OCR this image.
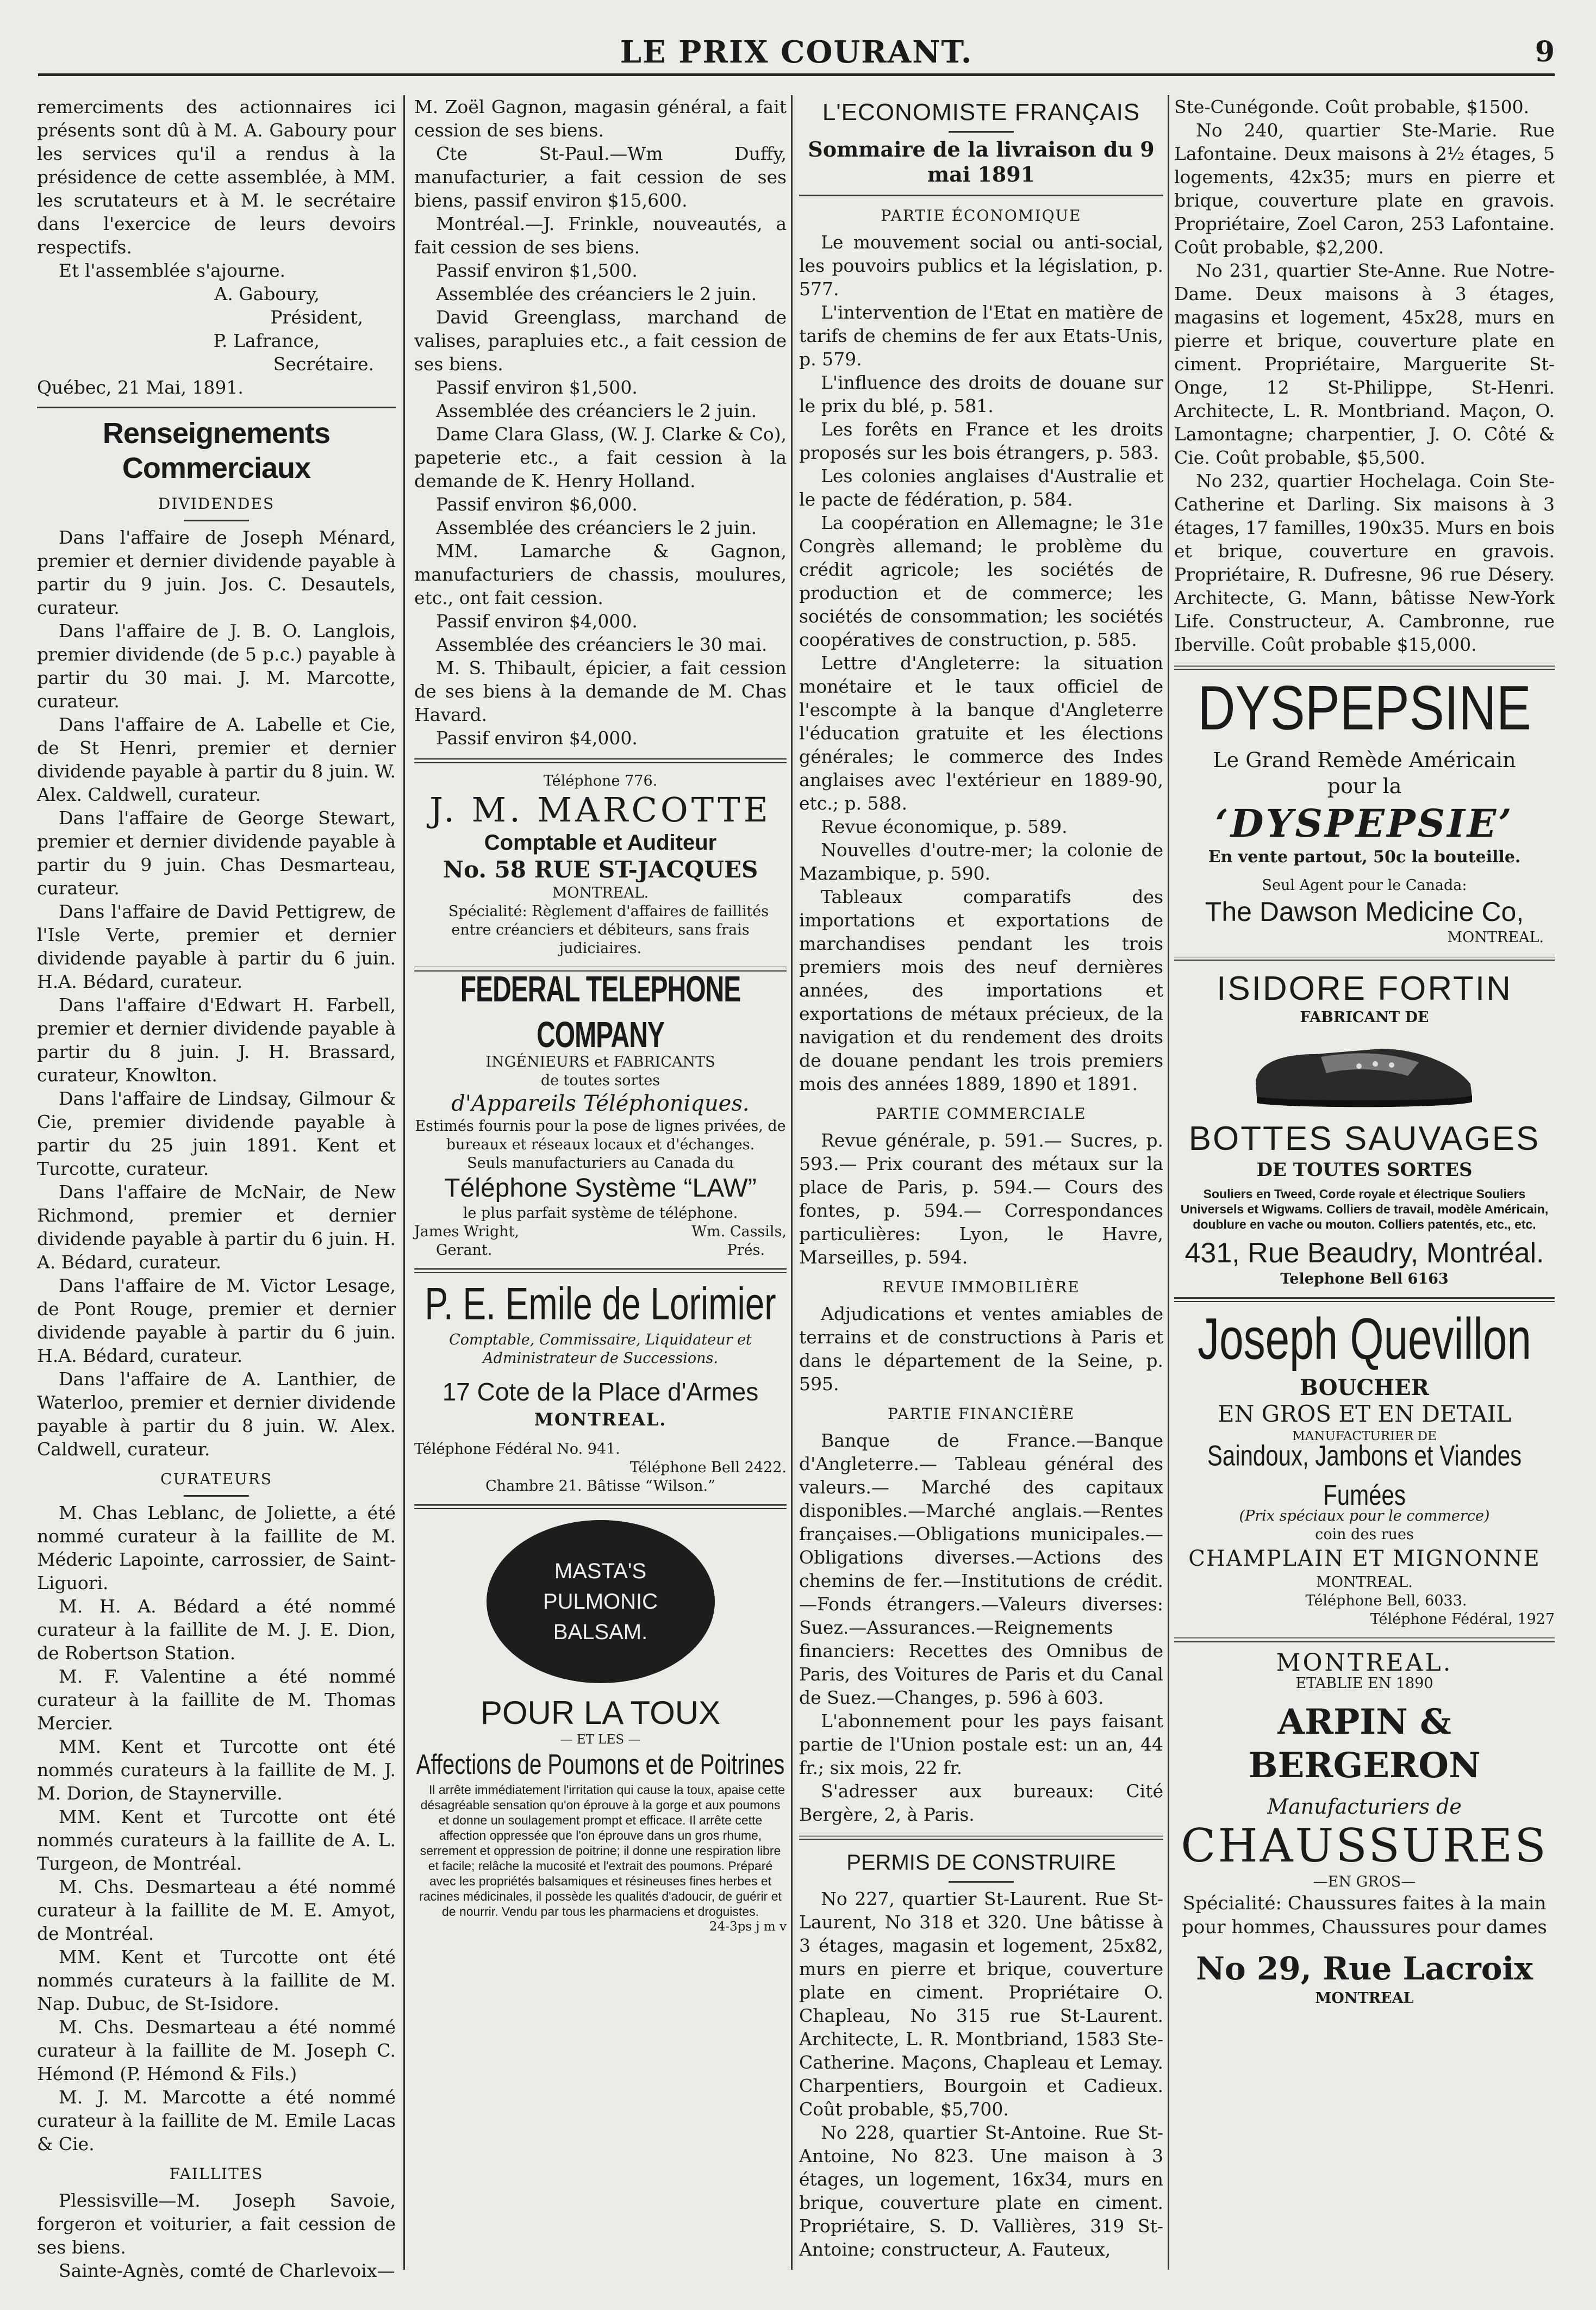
LE PRIX COURANT.	9

remerciments des actionnaires ici présents sont dû à M. A. Gaboury pour les services qu'il a rendus à la présidence de cette assemblée, à MM. les scrutateurs et à M. le secrétaire dans l'exercice de leurs devoirs respectifs.

Et l'assemblée s'ajourne.

A. Gaboury,

Président,

P. Lafrance,

Secrétaire.

Québec, 21 Mai, 1891.

Renseignements Commerciaux
DIVIDENDES

Dans l'affaire de Joseph Ménard, premier et dernier dividende payable à partir du 9 juin. Jos. C. Desautels, curateur.

Dans l'affaire de J. B. O. Langlois, premier dividende (de 5 p.c.) payable à partir du 30 mai. J. M. Marcotte, curateur.

Dans l'affaire de A. Labelle et Cie, de St Henri, premier et dernier dividende payable à partir du 8 juin. W. Alex. Caldwell, curateur.

Dans l'affaire de George Stewart, premier et dernier dividende payable à partir du 9 juin. Chas Desmarteau, curateur.

Dans l'affaire de David Pettigrew, de l'Isle Verte, premier et dernier dividende payable à partir du 6 juin. H.A. Bédard, curateur.

Dans l'affaire d'Edwart H. Farbell, premier et dernier dividende payable à partir du 8 juin. J. H. Brassard, curateur, Knowlton.

Dans l'affaire de Lindsay, Gilmour & Cie, premier dividende payable à partir du 25 juin 1891. Kent et Turcotte, curateur.

Dans l'affaire de McNair, de New Richmond, premier et dernier dividende payable à partir du 6 juin. H. A. Bédard, curateur.

Dans l'affaire de M. Victor Lesage, de Pont Rouge, premier et dernier dividende payable à partir du 6 juin. H.A. Bédard, curateur.

Dans l'affaire de A. Lanthier, de Waterloo, premier et dernier dividende payable à partir du 8 juin. W. Alex. Caldwell, curateur.

CURATEURS

M. Chas Leblanc, de Joliette, a été nommé curateur à la faillite de M. Méderic Lapointe, carrossier, de Saint-Liguori.

M. H. A. Bédard a été nommé curateur à la faillite de M. J. E. Dion, de Robertson Station.

M. F. Valentine a été nommé curateur à la faillite de M. Thomas Mercier.

MM. Kent et Turcotte ont été nommés curateurs à la faillite de M. J. M. Dorion, de Staynerville.

MM. Kent et Turcotte ont été nommés curateurs à la faillite de A. L. Turgeon, de Montréal.

M. Chs. Desmarteau a été nommé curateur à la faillite de M. E. Amyot, de Montréal.

MM. Kent et Turcotte ont été nommés curateurs à la faillite de M. Nap. Dubuc, de St-Isidore.

M. Chs. Desmarteau a été nommé curateur à la faillite de M. Joseph C. Hémond (P. Hémond & Fils.)

M. J. M. Marcotte a été nommé curateur à la faillite de M. Emile Lacas & Cie.

FAILLITES

Plessisville—M. Joseph Savoie, forgeron et voiturier, a fait cession de ses biens.

Sainte-Agnès, comté de Charlevoix—

M. Zoël Gagnon, magasin général, a fait cession de ses biens.

Cte St-Paul.—Wm Duffy, manufacturier, a fait cession de ses biens, passif environ $15,600.

Montréal.—J. Frinkle, nouveautés, a fait cession de ses biens.

Passif environ $1,500.

Assemblée des créanciers le 2 juin.

David Greenglass, marchand de valises, parapluies etc., a fait cession de ses biens.

Passif environ $1,500.

Assemblée des créanciers le 2 juin.

Dame Clara Glass, (W. J. Clarke & Co), papeterie etc., a fait cession à la demande de K. Henry Holland.

Passif environ $6,000.

Assemblée des créanciers le 2 juin.

MM. Lamarche & Gagnon, manufacturiers de chassis, moulures, etc., ont fait cession.

Passif environ $4,000.

Assemblée des créanciers le 30 mai.

M. S. Thibault, épicier, a fait cession de ses biens à la demande de M. Chas Havard.

Passif environ $4,000.

Téléphone 776.
J. M. MARCOTTE
Comptable et Auditeur
No. 58 RUE ST-JACQUES
MONTREAL.

Spécialité: Règlement d'affaires de faillités entre créanciers et débiteurs, sans frais judiciaires.

FEDERAL TELEPHONE COMPANY
INGÉNIEURS et FABRICANTS
de toutes sortes
d'Appareils Téléphoniques.
Estimés fournis pour la pose de lignes privées, de bureaux et réseaux locaux et d'échanges.
Seuls manufacturiers au Canada du
Téléphone Système “LAW”
le plus parfait système de téléphone.
James Wright,	Wm. Cassils,
Gerant.	Prés.
P. E. Emile de Lorimier
Comptable, Commissaire, Liquidateur et Administrateur de Successions.
17 Cote de la Place d'Armes
MONTREAL.
Téléphone Fédéral No. 941.
Téléphone Bell 2422.
Chambre 21. Bâtisse “Wilson.”
MASTA'S
PULMONIC
BALSAM.
POUR LA TOUX
— ET LES —
Affections de Poumons et de Poitrines

Il arrête immédiatement l'irritation qui cause la toux, apaise cette désagréable sensation qu'on éprouve à la gorge et aux poumons et donne un soulagement prompt et efficace. Il arrête cette affection oppressée que l'on éprouve dans un gros rhume, serrement et oppression de poitrine; il donne une respiration libre et facile; relâche la mucosité et l'extrait des poumons. Préparé avec les propriétés balsamiques et résineuses fines herbes et racines médicinales, il possède les qualités d'adoucir, de guérir et de nourrir. Vendu par tous les pharmaciens et droguistes.

24-3ps j m v
L'ECONOMISTE FRANÇAIS
Sommaire de la livraison du 9 mai 1891
PARTIE ÉCONOMIQUE

Le mouvement social ou anti-social, les pouvoirs publics et la législation, p. 577.

L'intervention de l'Etat en matière de tarifs de chemins de fer aux Etats-Unis, p. 579.

L'influence des droits de douane sur le prix du blé, p. 581.

Les forêts en France et les droits proposés sur les bois étrangers, p. 583.

Les colonies anglaises d'Australie et le pacte de fédération, p. 584.

La coopération en Allemagne; le 31e Congrès allemand; le problème du crédit agricole; les sociétés de production et de commerce; les sociétés de consommation; les sociétés coopératives de construction, p. 585.

Lettre d'Angleterre: la situation monétaire et le taux officiel de l'escompte à la banque d'Angleterre l'éducation gratuite et les élections générales; le commerce des Indes anglaises avec l'extérieur en 1889-90, etc.; p. 588.

Revue économique, p. 589.

Nouvelles d'outre-mer; la colonie de Mazambique, p. 590.

Tableaux comparatifs des importations et exportations de marchandises pendant les trois premiers mois des neuf dernières années, des importations et exportations de métaux précieux, de la navigation et du rendement des droits de douane pendant les trois premiers mois des années 1889, 1890 et 1891.

PARTIE COMMERCIALE

Revue générale, p. 591.— Sucres, p. 593.— Prix courant des métaux sur la place de Paris, p. 594.— Cours des fontes, p. 594.— Correspondances particulières: Lyon, le Havre, Marseilles, p. 594.

REVUE IMMOBILIÈRE

Adjudications et ventes amiables de terrains et de constructions à Paris et dans le département de la Seine, p. 595.

PARTIE FINANCIÈRE

Banque de France.—Banque d'Angleterre.— Tableau général des valeurs.— Marché des capitaux disponibles.—Marché anglais.—Rentes françaises.—Obligations municipales.—Obligations diverses.—Actions des chemins de fer.—Institutions de crédit.—Fonds étrangers.—Valeurs diverses: Suez.—Assurances.—Reignements financiers: Recettes des Omnibus de Paris, des Voitures de Paris et du Canal de Suez.—Changes, p. 596 à 603.

L'abonnement pour les pays faisant partie de l'Union postale est: un an, 44 fr.; six mois, 22 fr.

S'adresser aux bureaux: Cité Bergère, 2, à Paris.

PERMIS DE CONSTRUIRE

No 227, quartier St-Laurent. Rue St-Laurent, No 318 et 320. Une bâtisse à 3 étages, magasin et logement, 25x82, murs en pierre et brique, couverture plate en ciment. Propriétaire O. Chapleau, No 315 rue St-Laurent. Architecte, L. R. Montbriand, 1583 Ste-Catherine. Maçons, Chapleau et Lemay. Charpentiers, Bourgoin et Cadieux. Coût probable, $5,700.

No 228, quartier St-Antoine. Rue St-Antoine, No 823. Une maison à 3 étages, un logement, 16x34, murs en brique, couverture plate en ciment. Propriétaire, S. D. Vallières, 319 St-Antoine; constructeur, A. Fauteux,

Ste-Cunégonde. Coût probable, $1500.

No 240, quartier Ste-Marie. Rue Lafontaine. Deux maisons à 2½ étages, 5 logements, 42x35; murs en pierre et brique, couverture plate en gravois. Propriétaire, Zoel Caron, 253 Lafontaine. Coût probable, $2,200.

No 231, quartier Ste-Anne. Rue Notre-Dame. Deux maisons à 3 étages, magasins et logement, 45x28, murs en pierre et brique, couverture plate en ciment. Propriétaire, Marguerite St-Onge, 12 St-Philippe, St-Henri. Architecte, L. R. Montbriand. Maçon, O. Lamontagne; charpentier, J. O. Côté & Cie. Coût probable, $5,500.

No 232, quartier Hochelaga. Coin Ste-Catherine et Darling. Six maisons à 3 étages, 17 familles, 190x35. Murs en bois et brique, couverture en gravois. Propriétaire, R. Dufresne, 96 rue Désery. Architecte, G. Mann, bâtisse New-York Life. Constructeur, A. Cambronne, rue Iberville. Coût probable $15,000.

DYSPEPSINE
Le Grand Remède Américain
pour la
‘DYSPEPSIE’
En vente partout, 50c la bouteille.
Seul Agent pour le Canada:
The Dawson Medicine Co,
MONTREAL.
ISIDORE FORTIN
FABRICANT DE
BOTTES SAUVAGES
DE TOUTES SORTES
Souliers en Tweed, Corde royale et électrique Souliers Universels et Wigwams. Colliers de travail, modèle Américain, doublure en vache ou mouton. Colliers patentés, etc., etc.
431, Rue Beaudry, Montréal.
Telephone Bell 6163
Joseph Quevillon
BOUCHER
EN GROS ET EN DETAIL
MANUFACTURIER DE
Saindoux, Jambons et Viandes Fumées
(Prix spéciaux pour le commerce)
coin des rues
CHAMPLAIN ET MIGNONNE
MONTREAL.
Téléphone Bell, 6033.
Téléphone Fédéral, 1927
MONTREAL.
ETABLIE EN 1890
ARPIN & BERGERON
Manufacturiers de
CHAUSSURES
—EN GROS—
Spécialité: Chaussures faites à la main pour hommes, Chaussures pour dames
No 29, Rue Lacroix
MONTREAL
